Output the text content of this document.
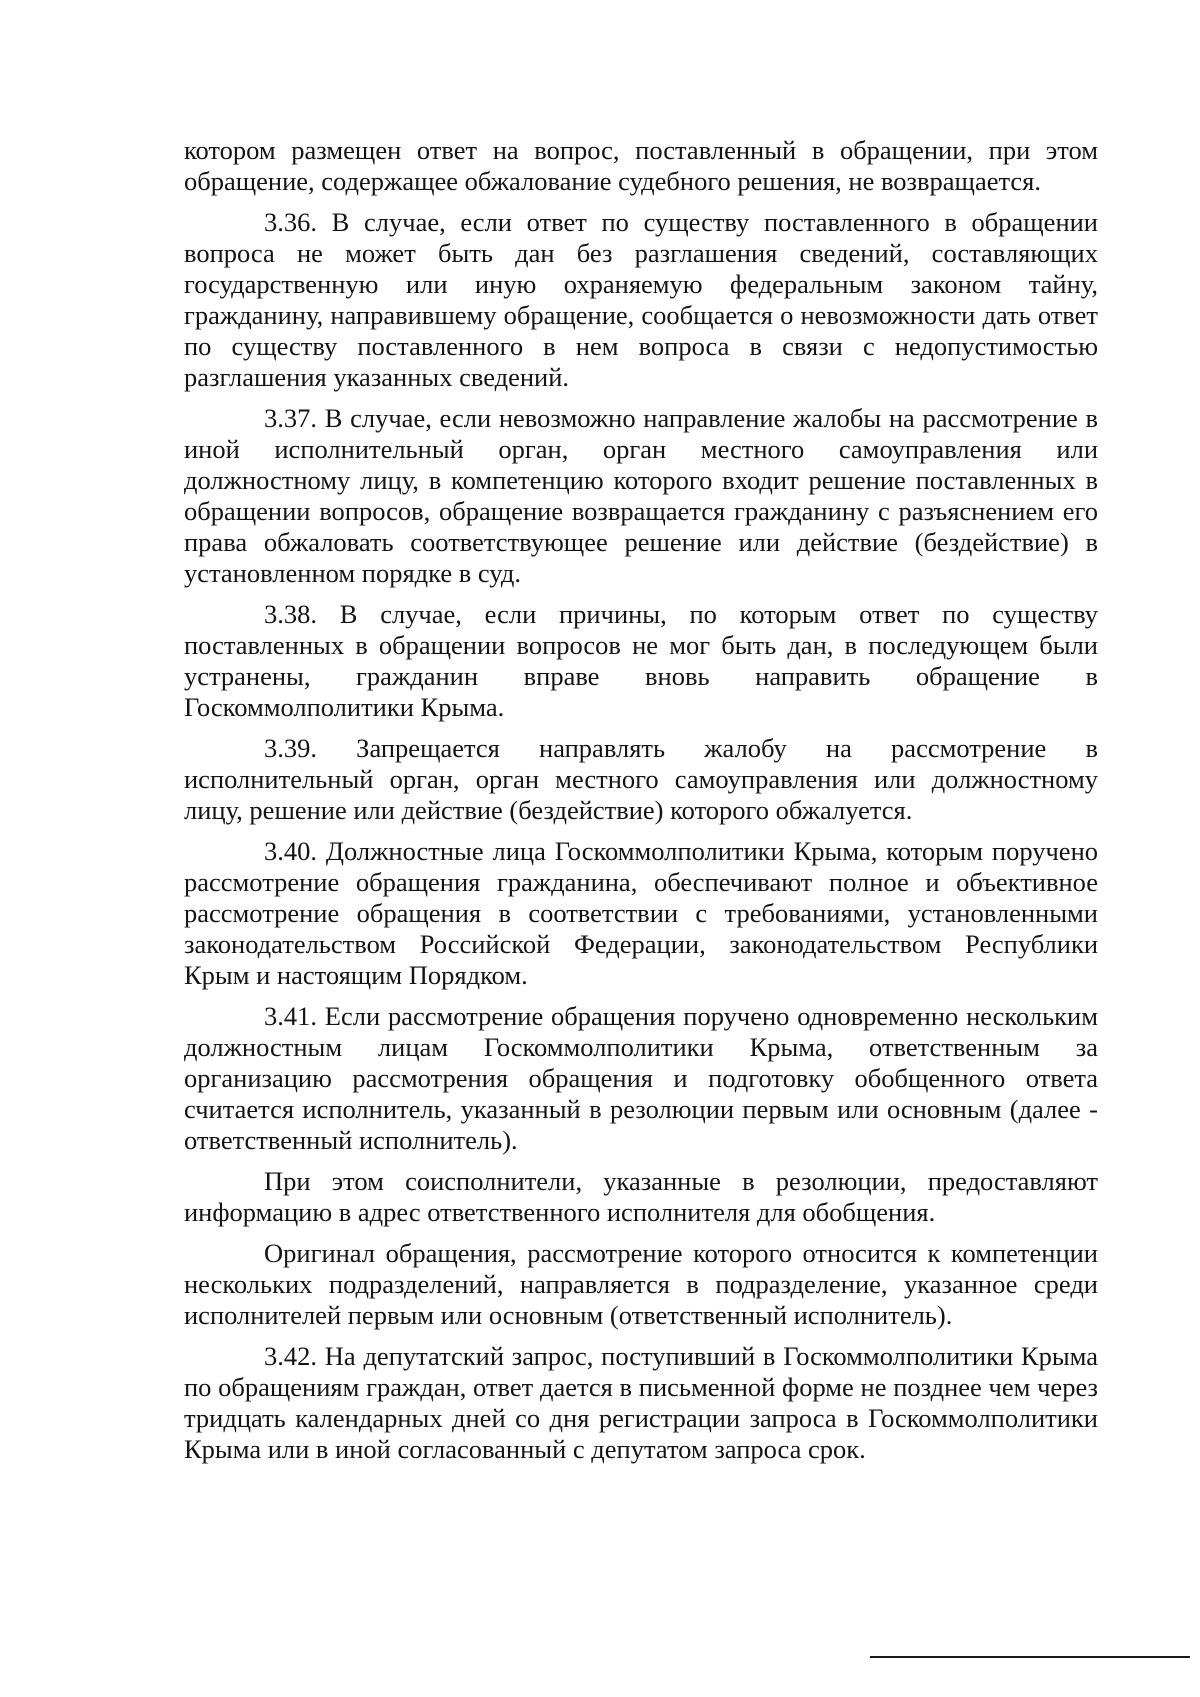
котором размещен ответ на вопрос, поставленный в обращении, при этом обращение, содержащее обжалование судебного решения, не возвращается.

3.36. В случае, если ответ по существу поставленного в обращении вопроса не может быть дан без разглашения сведений, составляющих государственную или иную охраняемую федеральным законом тайну, гражданину, направившему обращение, сообщается о невозможности дать ответ по существу поставленного в нем вопроса в связи с недопустимостью разглашения указанных сведений.

3.37. В случае, если невозможно направление жалобы на рассмотрение в иной исполнительный орган, орган местного самоуправления или должностному лицу, в компетенцию которого входит решение поставленных в обращении вопросов, обращение возвращается гражданину с разъяснением его права обжаловать соответствующее решение или действие (бездействие) в установленном порядке в суд.

3.38. В случае, если причины, по которым ответ по существу поставленных в обращении вопросов не мог быть дан, в последующем были устранены, гражданин вправе вновь направить обращение в Госкоммолполитики Крыма.

3.39. Запрещается направлять жалобу на рассмотрение в исполнительный орган, орган местного самоуправления или должностному лицу, решение или действие (бездействие) которого обжалуется.

3.40. Должностные лица Госкоммолполитики Крыма, которым поручено рассмотрение обращения гражданина, обеспечивают полное и объективное рассмотрение обращения в соответствии с требованиями, установленными законодательством Российской Федерации, законодательством Республики Крым и настоящим Порядком.

3.41. Если рассмотрение обращения поручено одновременно нескольким должностным лицам Госкоммолполитики Крыма, ответственным за организацию рассмотрения обращения и подготовку обобщенного ответа считается исполнитель, указанный в резолюции первым или основным (далее - ответственный исполнитель).

При этом соисполнители, указанные в резолюции, предоставляют информацию в адрес ответственного исполнителя для обобщения.

Оригинал обращения, рассмотрение которого относится к компетенции нескольких подразделений, направляется в подразделение, указанное среди исполнителей первым или основным (ответственный исполнитель).

3.42. На депутатский запрос, поступивший в Госкоммолполитики Крыма по обращениям граждан, ответ дается в письменной форме не позднее чем через тридцать календарных дней со дня регистрации запроса в Госкоммолполитики Крыма или в иной согласованный с депутатом запроса срок.
